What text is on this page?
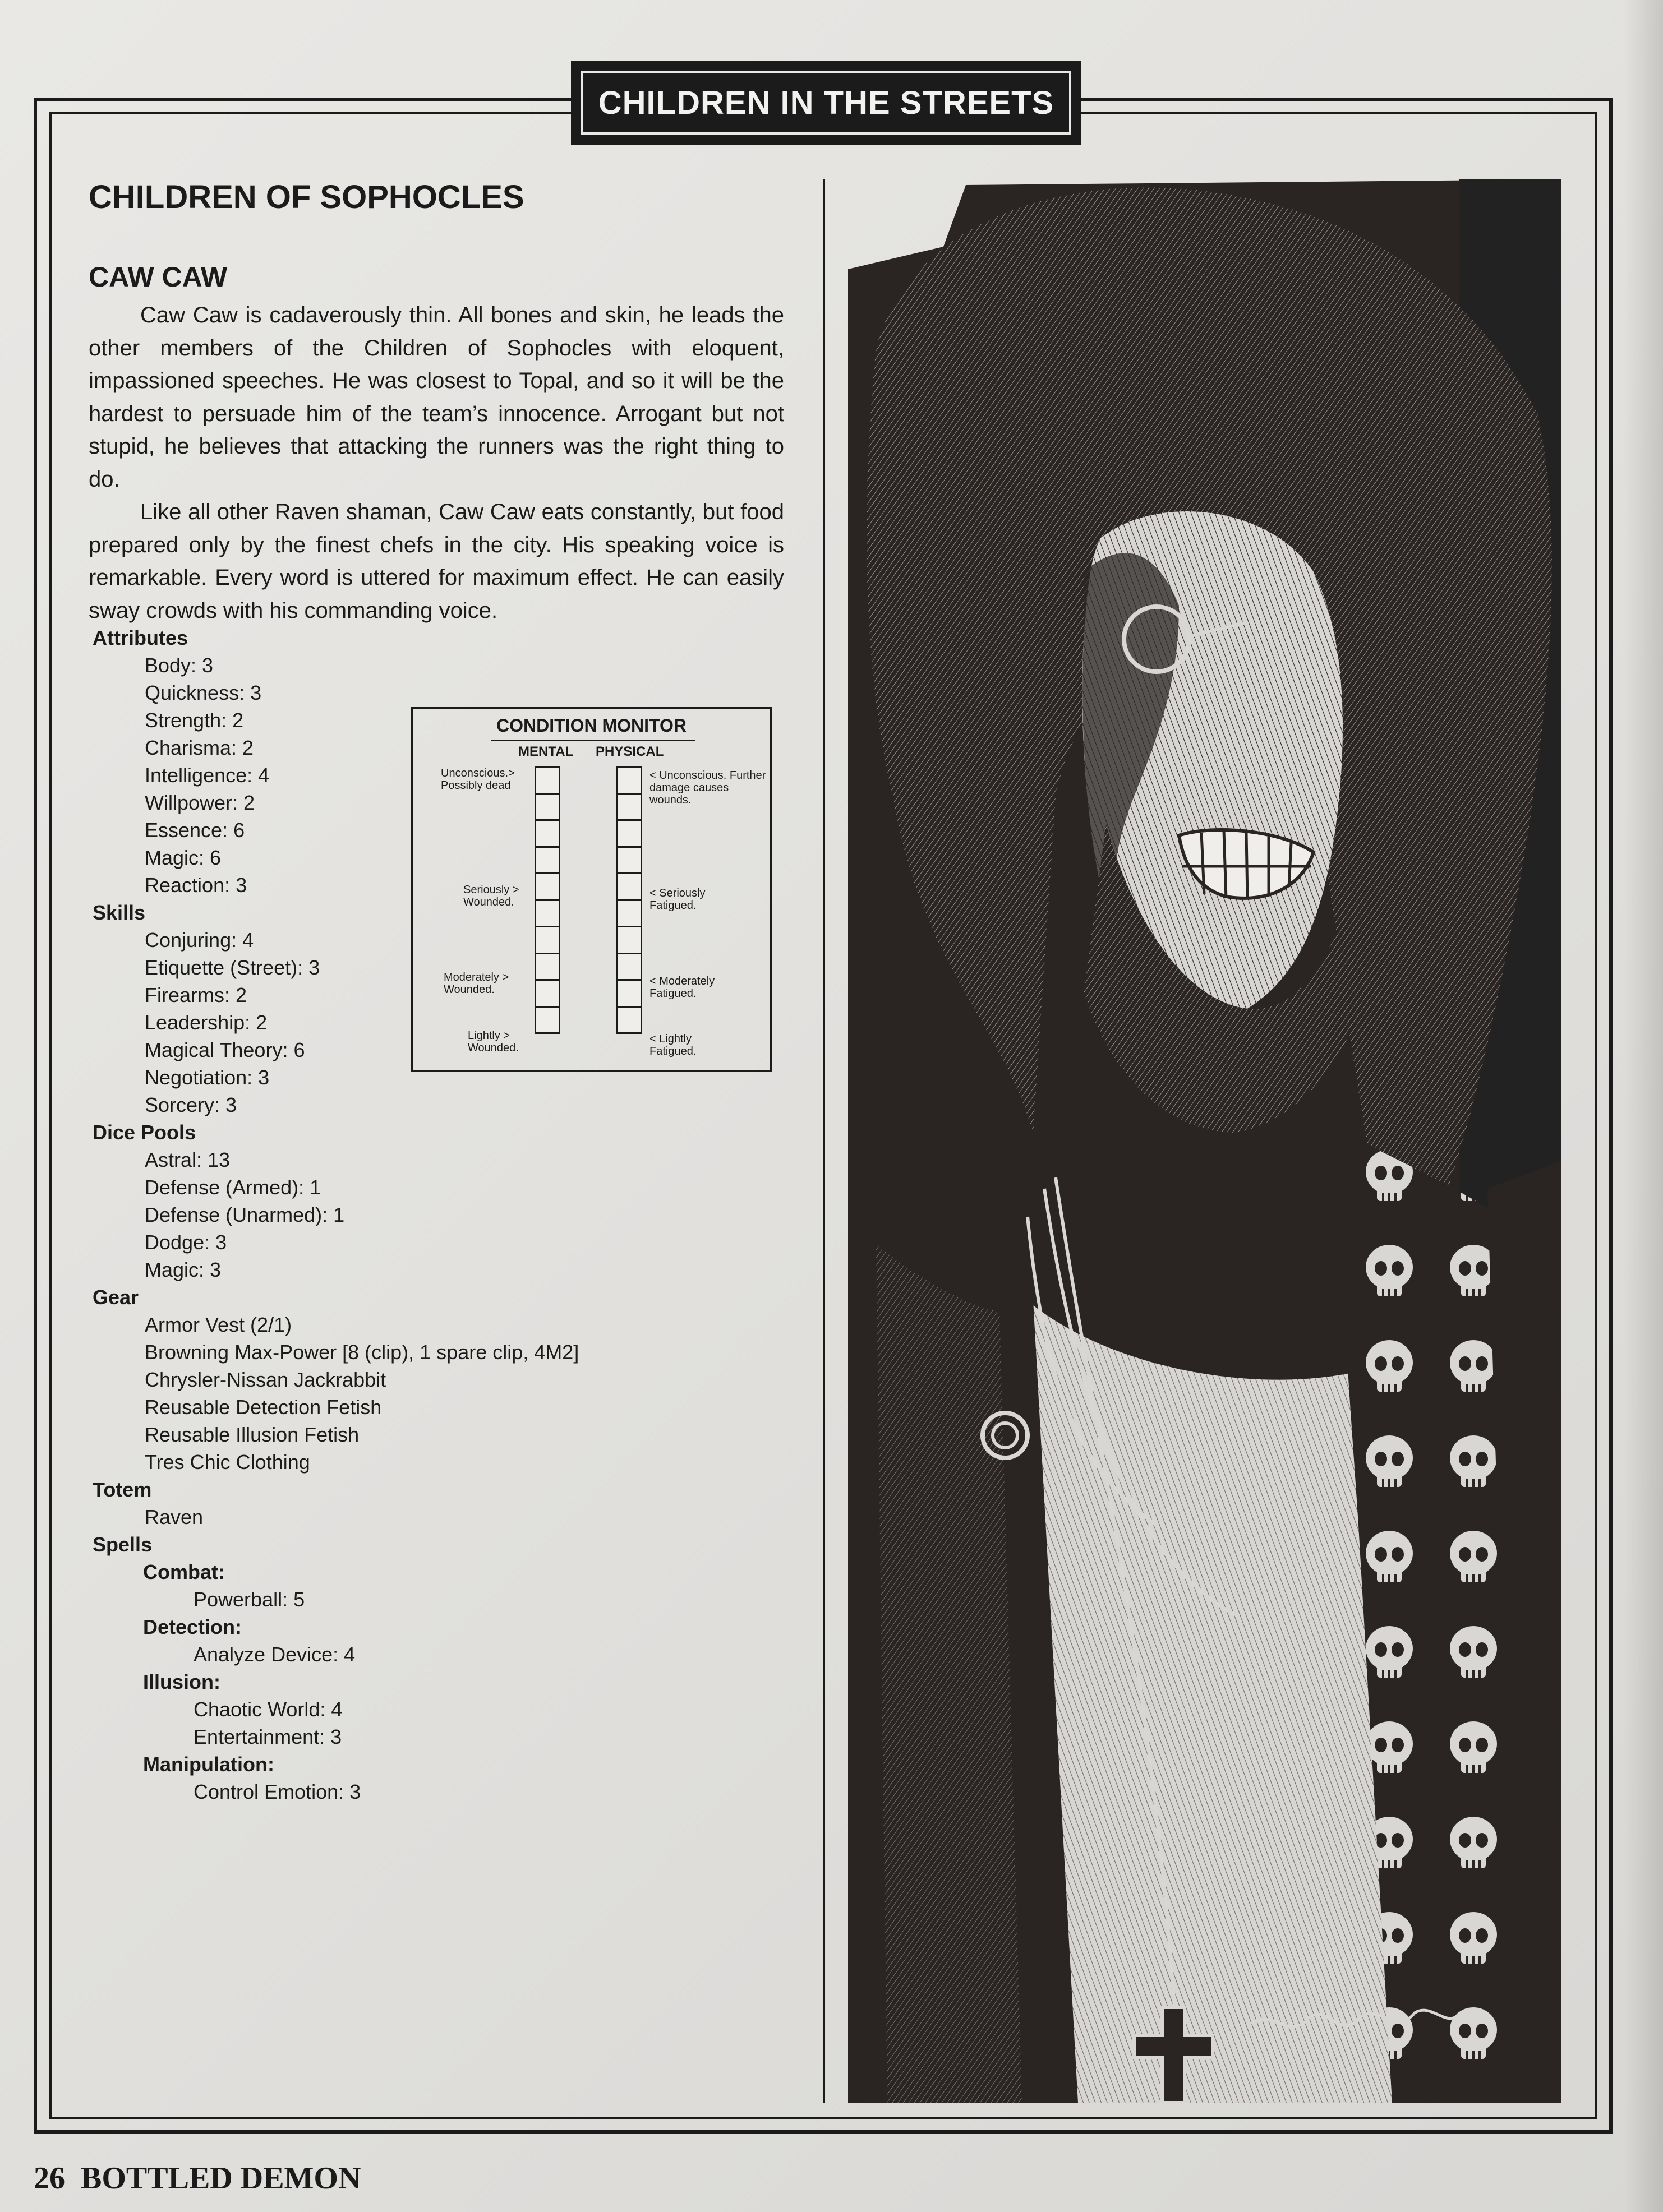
CHILDREN IN THE STREETS
CHILDREN OF SOPHOCLES
CAW CAW

Caw Caw is cadaverously thin. All bones and skin, he leads the other members of the Children of Sophocles with eloquent, impassioned speeches. He was closest to Topal, and so it will be the hardest to persuade him of the team’s innocence. Arrogant but not stupid, he believes that attacking the runners was the right thing to do.

Like all other Raven shaman, Caw Caw eats constantly, but food prepared only by the finest chefs in the city. His speaking voice is remarkable. Every word is uttered for maximum effect. He can easily sway crowds with his commanding voice.

Attributes
Body: 3
Quickness: 3
Strength: 2
Charisma: 2
Intelligence: 4
Willpower: 2
Essence: 6
Magic: 6
Reaction: 3
Skills
Conjuring: 4
Etiquette (Street): 3
Firearms: 2
Leadership: 2
Magical Theory: 6
Negotiation: 3
Sorcery: 3
Dice Pools
Astral: 13
Defense (Armed): 1
Defense (Unarmed): 1
Dodge: 3
Magic: 3
Gear
Armor Vest (2/1)
Browning Max-Power [8 (clip), 1 spare clip, 4M2]
Chrysler-Nissan Jackrabbit
Reusable Detection Fetish
Reusable Illusion Fetish
Tres Chic Clothing
Totem
Raven
Spells
Combat:
Powerball: 5
Detection:
Analyze Device: 4
Illusion:
Chaotic World: 4
Entertainment: 3
Manipulation:
Control Emotion: 3
CONDITION MONITOR
MENTAL PHYSICAL
Unconscious.> Possibly dead
Seriously > Wounded.
Moderately > Wounded.
Lightly > Wounded.
< Unconscious. Further damage causes wounds.
< Seriously Fatigued.
< Moderately Fatigued.
< Lightly Fatigued.
26 BOTTLED DEMON
